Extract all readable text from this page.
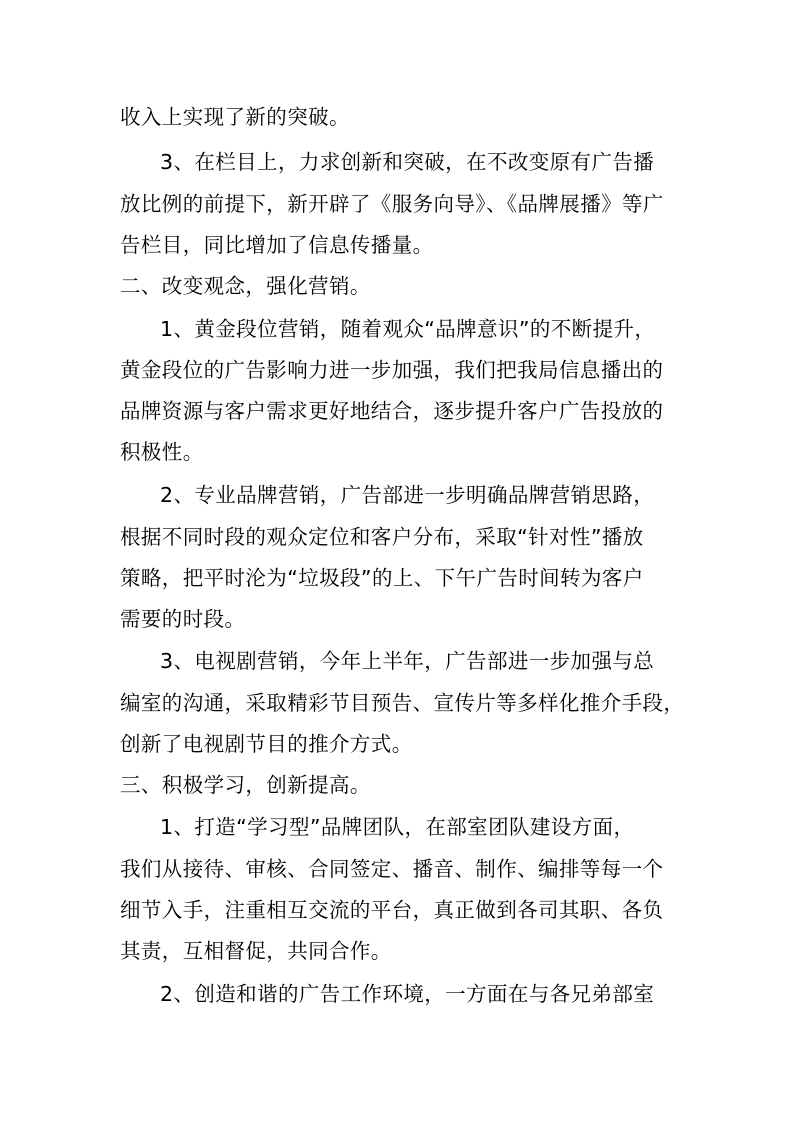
收入上实现了新的突破。
3、在栏目上，力求创新和突破，在不改变原有广告播
放比例的前提下，新开辟了《服务向导》、《品牌展播》等广
告栏目，同比增加了信息传播量。
二、改变观念，强化营销。
1、黄金段位营销，随着观众“品牌意识”的不断提升，
黄金段位的广告影响力进一步加强，我们把我局信息播出的
品牌资源与客户需求更好地结合，逐步提升客户广告投放的
积极性。
2、专业品牌营销，广告部进一步明确品牌营销思路，
根据不同时段的观众定位和客户分布，采取“针对性”播放
策略，把平时沦为“垃圾段”的上、下午广告时间转为客户
需要的时段。
3、电视剧营销，今年上半年，广告部进一步加强与总
编室的沟通，采取精彩节目预告、宣传片等多样化推介手段，
创新了电视剧节目的推介方式。
三、积极学习，创新提高。
1、打造“学习型”品牌团队，在部室团队建设方面，
我们从接待、审核、合同签定、播音、制作、编排等每一个
细节入手，注重相互交流的平台，真正做到各司其职、各负
其责，互相督促，共同合作。
2、创造和谐的广告工作环境，一方面在与各兄弟部室
